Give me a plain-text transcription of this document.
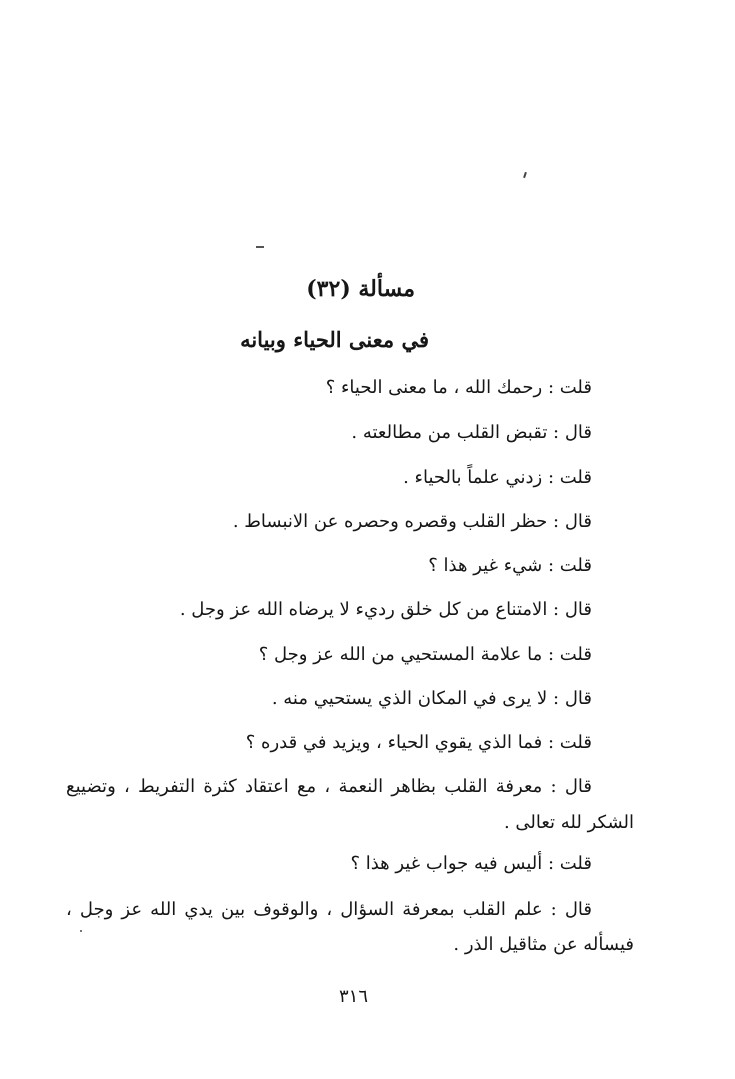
مسألة (٣٢)
في معنى الحياء وبيانه
قلت : رحمك الله ، ما معنى الحياء ؟
قال : تقبض القلب من مطالعته .
قلت : زدني علماً بالحياء .
قال : حظر القلب وقصره وحصره عن الانبساط .
قلت : شيء غير هذا ؟
قال : الامتناع من كل خلق رديء لا يرضاه الله عز وجل .
قلت : ما علامة المستحيي من الله عز وجل ؟
قال : لا يرى في المكان الذي يستحيي منه .
قلت : فما الذي يقوي الحياء ، ويزيد في قدره ؟
قال : معرفة القلب بظاهر النعمة ، مع اعتقاد كثرة التفريط ، وتضييع
الشكر لله تعالى .
قلت : أليس فيه جواب غير هذا ؟
قال : علم القلب بمعرفة السؤال ، والوقوف بين يدي الله عز وجل ،
فيسأله عن مثاقيل الذر .
٣١٦
